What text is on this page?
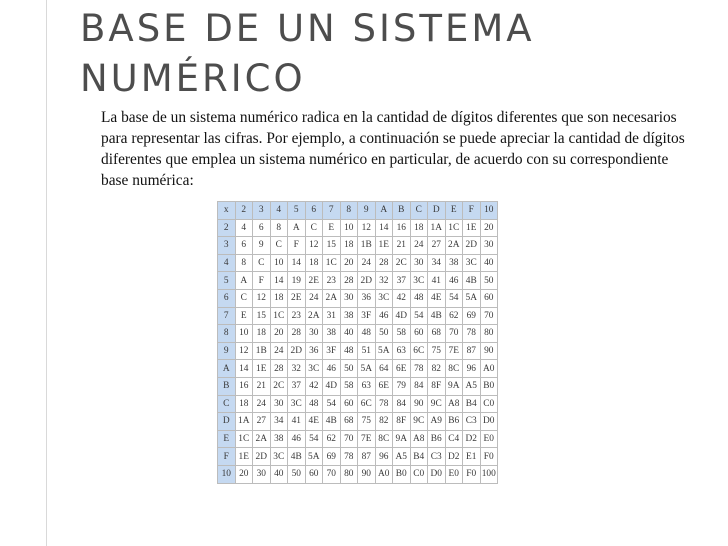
BASE DE UN SISTEMA
NUMÉRICO

La base de un sistema numérico radica en la cantidad de dígitos diferentes que son necesarios para representar las cifras. Por ejemplo, a continuación se puede apreciar la cantidad de dígitos diferentes que emplea un sistema numérico en particular, de acuerdo con su correspondiente base numérica:

x	2	3	4	5	6	7	8	9	A	B	C	D	E	F	10
2	4	6	8	A	C	E	10	12	14	16	18	1A	1C	1E	20
3	6	9	C	F	12	15	18	1B	1E	21	24	27	2A	2D	30
4	8	C	10	14	18	1C	20	24	28	2C	30	34	38	3C	40
5	A	F	14	19	2E	23	28	2D	32	37	3C	41	46	4B	50
6	C	12	18	2E	24	2A	30	36	3C	42	48	4E	54	5A	60
7	E	15	1C	23	2A	31	38	3F	46	4D	54	4B	62	69	70
8	10	18	20	28	30	38	40	48	50	58	60	68	70	78	80
9	12	1B	24	2D	36	3F	48	51	5A	63	6C	75	7E	87	90
A	14	1E	28	32	3C	46	50	5A	64	6E	78	82	8C	96	A0
B	16	21	2C	37	42	4D	58	63	6E	79	84	8F	9A	A5	B0
C	18	24	30	3C	48	54	60	6C	78	84	90	9C	A8	B4	C0
D	1A	27	34	41	4E	4B	68	75	82	8F	9C	A9	B6	C3	D0
E	1C	2A	38	46	54	62	70	7E	8C	9A	A8	B6	C4	D2	E0
F	1E	2D	3C	4B	5A	69	78	87	96	A5	B4	C3	D2	E1	F0
10	20	30	40	50	60	70	80	90	A0	B0	C0	D0	E0	F0	100
